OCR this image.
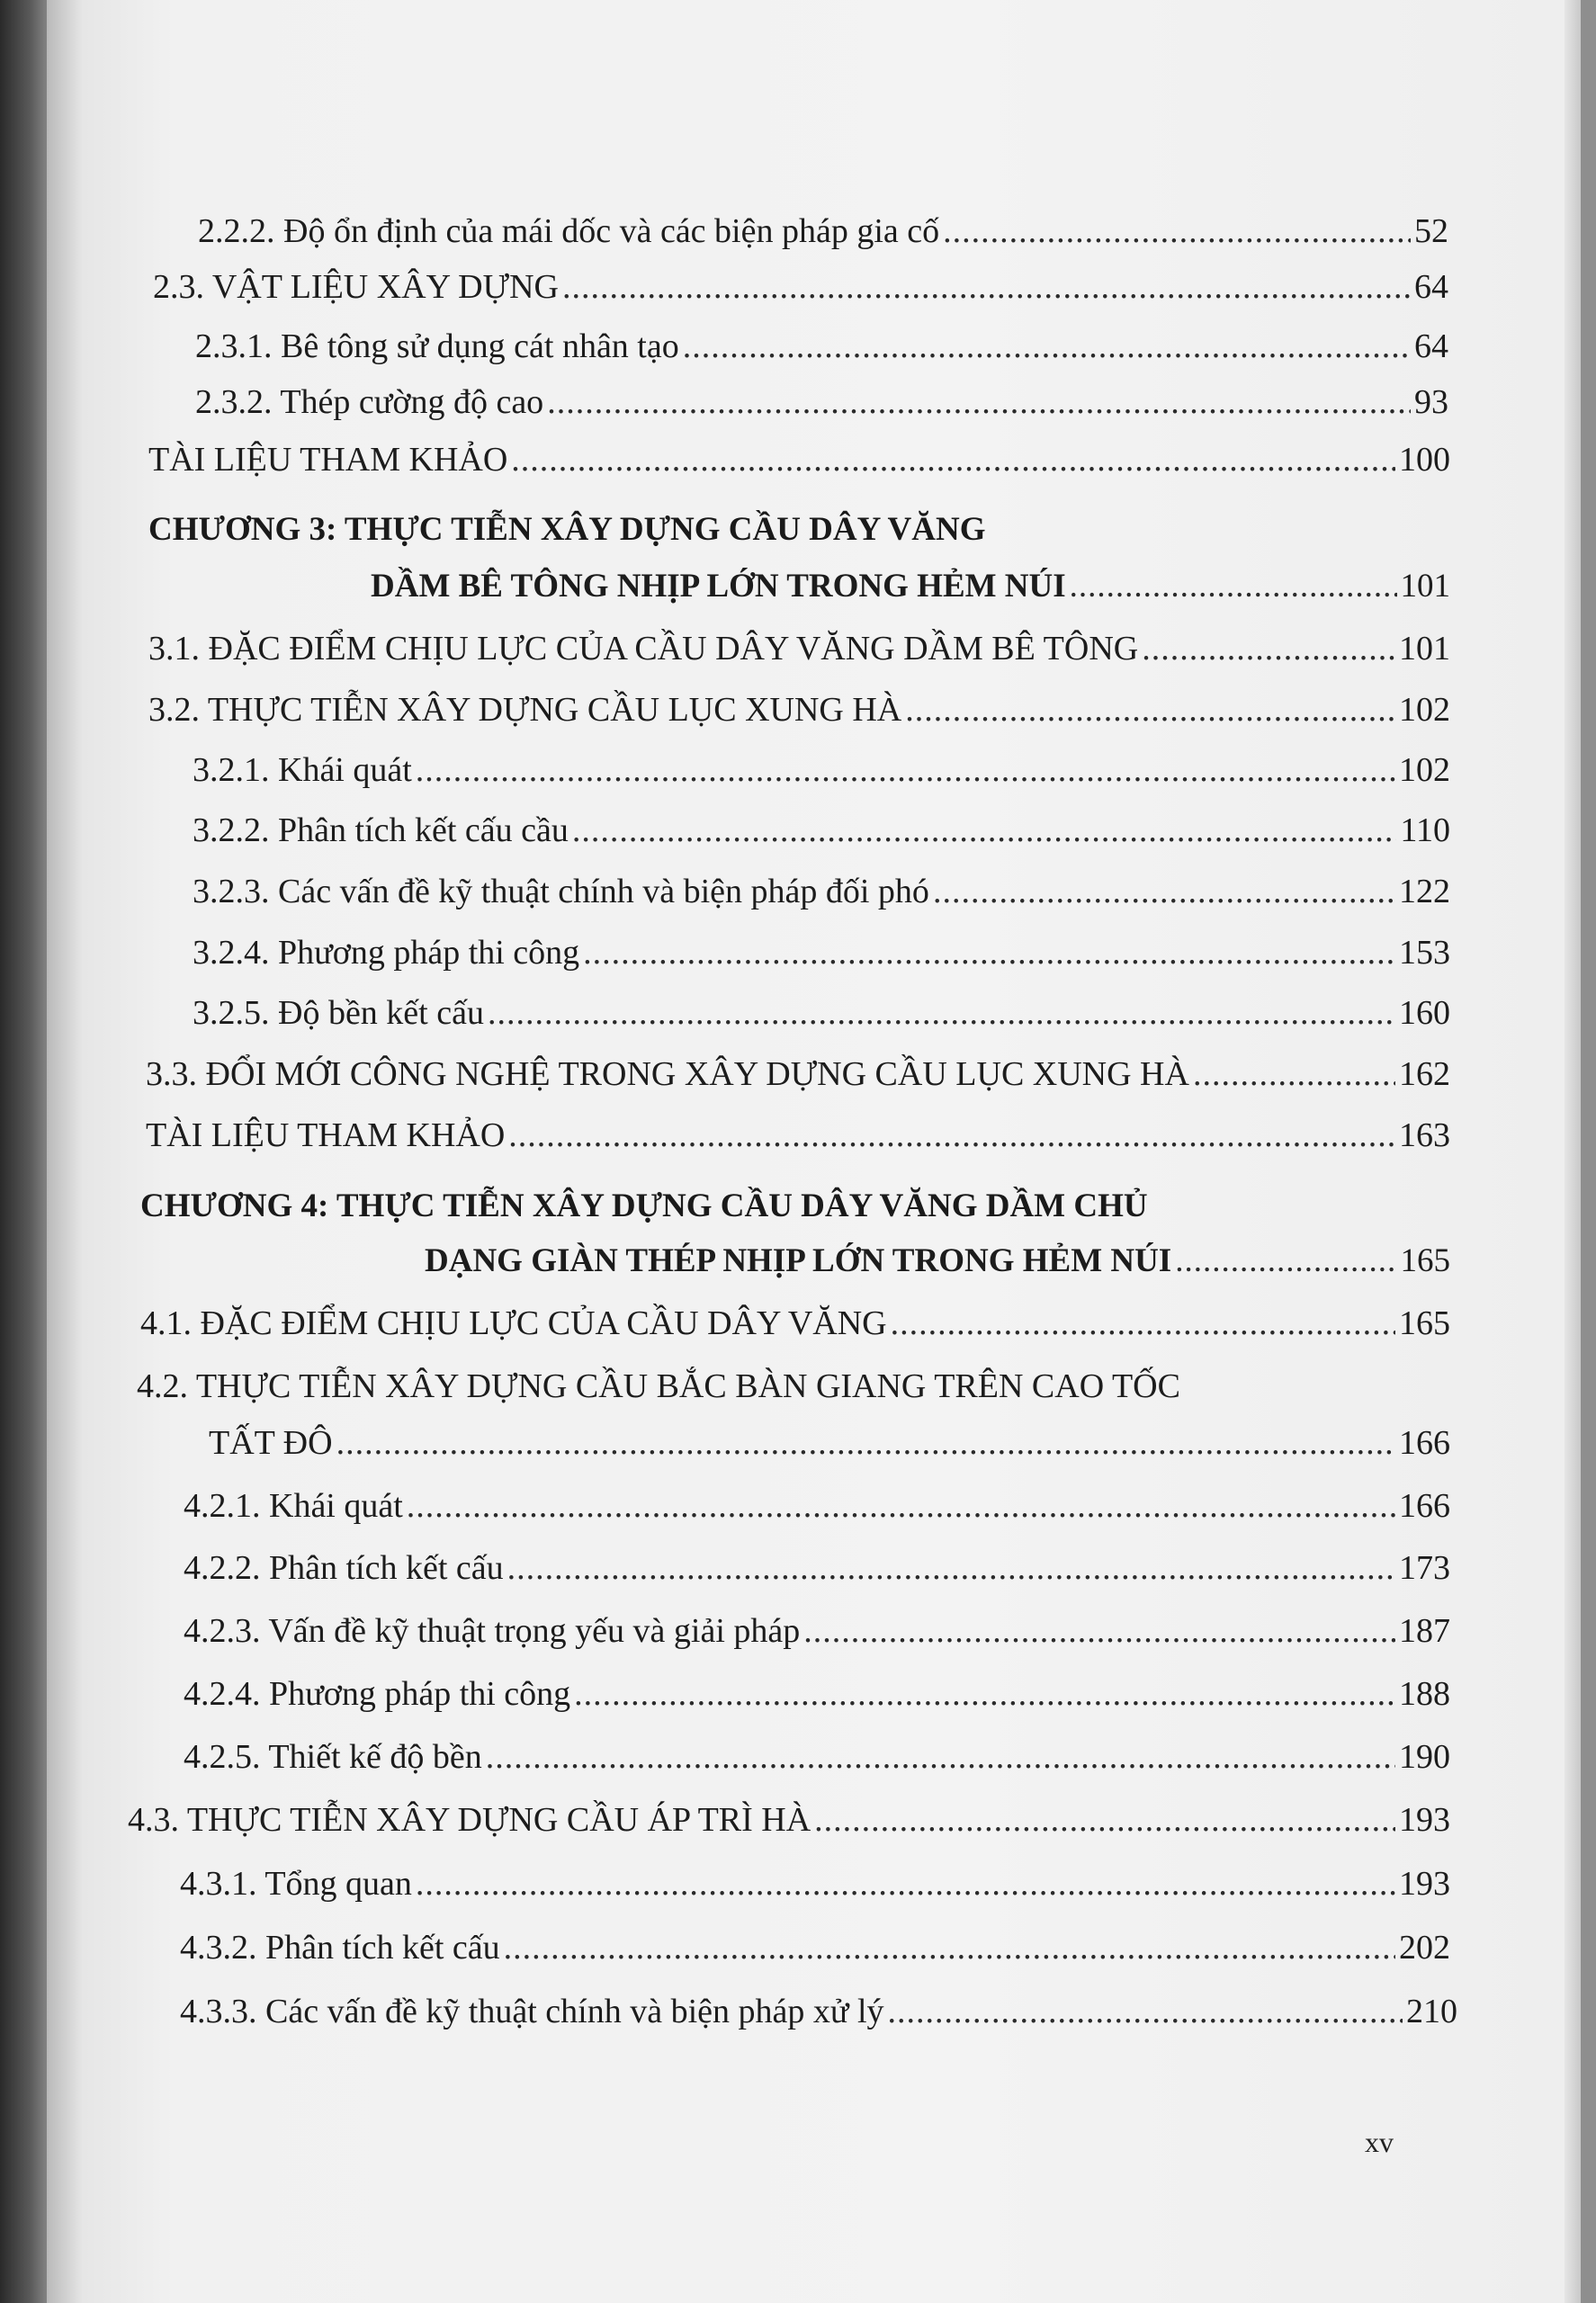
2.2.2. Độ ổn định của mái dốc và các biện pháp gia cố .....	52
2.3. VẬT LIỆU XÂY DỰNG .....	64
2.3.1. Bê tông sử dụng cát nhân tạo .....	64
2.3.2. Thép cường độ cao .....	93
TÀI LIỆU THAM KHẢO .....	100
CHƯƠNG 3: THỰC TIỄN XÂY DỰNG CẦU DÂY VĂNG
DẦM BÊ TÔNG NHỊP LỚN TRONG HẺM NÚI .....	101
3.1. ĐẶC ĐIỂM CHỊU LỰC CỦA CẦU DÂY VĂNG DẦM BÊ TÔNG .....	101
3.2. THỰC TIỄN XÂY DỰNG CẦU LỤC XUNG HÀ .....	102
3.2.1. Khái quát .....	102
3.2.2. Phân tích kết cấu cầu .....	110
3.2.3. Các vấn đề kỹ thuật chính và biện pháp đối phó .....	122
3.2.4. Phương pháp thi công .....	153
3.2.5. Độ bền kết cấu .....	160
3.3. ĐỔI MỚI CÔNG NGHỆ TRONG XÂY DỰNG CẦU LỤC XUNG HÀ .....	162
TÀI LIỆU THAM KHẢO .....	163
CHƯƠNG 4: THỰC TIỄN XÂY DỰNG CẦU DÂY VĂNG DẦM CHỦ
DẠNG GIÀN THÉP NHỊP LỚN TRONG HẺM NÚI .....	165
4.1. ĐẶC ĐIỂM CHỊU LỰC CỦA CẦU DÂY VĂNG .....	165
4.2. THỰC TIỄN XÂY DỰNG CẦU BẮC BÀN GIANG TRÊN CAO TỐC
TẤT ĐÔ .....	166
4.2.1. Khái quát .....	166
4.2.2. Phân tích kết cấu .....	173
4.2.3. Vấn đề kỹ thuật trọng yếu và giải pháp .....	187
4.2.4. Phương pháp thi công .....	188
4.2.5. Thiết kế độ bền .....	190
4.3. THỰC TIỄN XÂY DỰNG CẦU ÁP TRÌ HÀ .....	193
4.3.1. Tổng quan .....	193
4.3.2. Phân tích kết cấu .....	202
4.3.3. Các vấn đề kỹ thuật chính và biện pháp xử lý .....	210
xv
